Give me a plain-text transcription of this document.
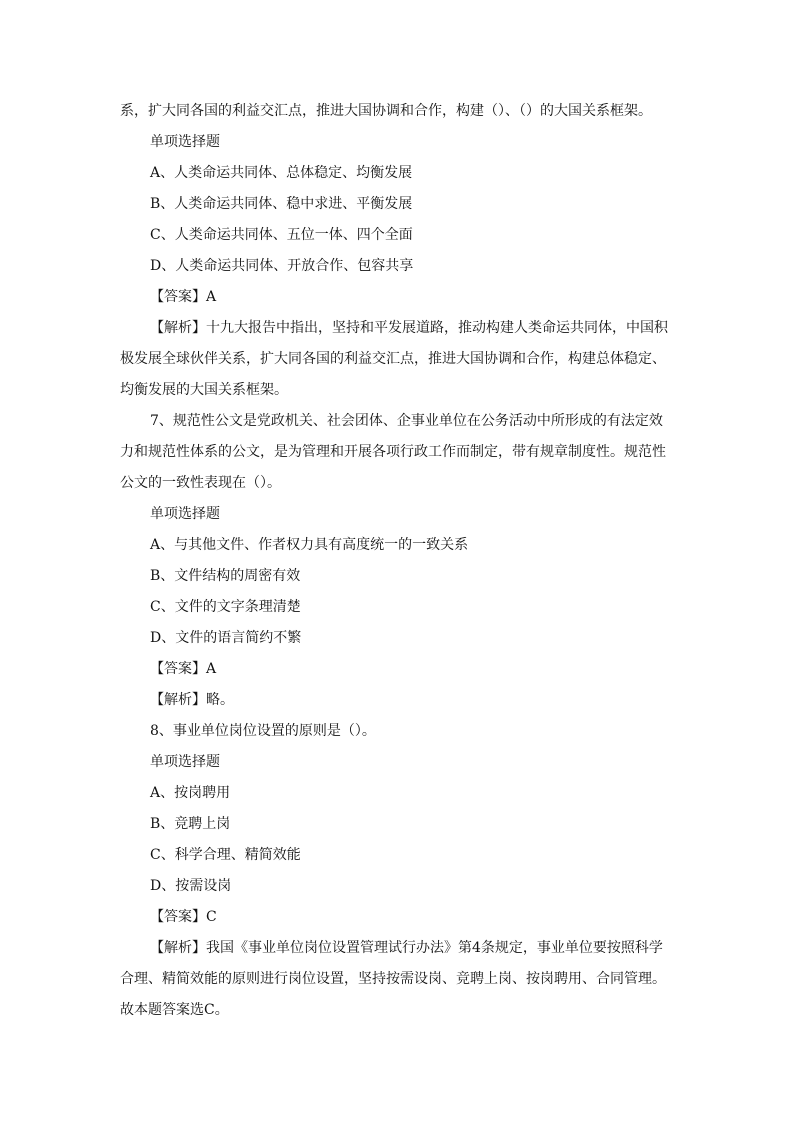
系，扩大同各国的利益交汇点，推进大国协调和合作，构建（）、（）的大国关系框架。
单项选择题
A、人类命运共同体、总体稳定、均衡发展
B、人类命运共同体、稳中求进、平衡发展
C、人类命运共同体、五位一体、四个全面
D、人类命运共同体、开放合作、包容共享
【答案】A
【解析】十九大报告中指出，坚持和平发展道路，推动构建人类命运共同体，中国积
极发展全球伙伴关系，扩大同各国的利益交汇点，推进大国协调和合作，构建总体稳定、
均衡发展的大国关系框架。
7、规范性公文是党政机关、社会团体、企事业单位在公务活动中所形成的有法定效
力和规范性体系的公文，是为管理和开展各项行政工作而制定，带有规章制度性。规范性
公文的一致性表现在（）。
单项选择题
A、与其他文件、作者权力具有高度统一的一致关系
B、文件结构的周密有效
C、文件的文字条理清楚
D、文件的语言简约不繁
【答案】A
【解析】略。
8、事业单位岗位设置的原则是（）。
单项选择题
A、按岗聘用
B、竞聘上岗
C、科学合理、精简效能
D、按需设岗
【答案】C
【解析】我国《事业单位岗位设置管理试行办法》第4条规定，事业单位要按照科学
合理、精简效能的原则进行岗位设置，坚持按需设岗、竞聘上岗、按岗聘用、合同管理。
故本题答案选C。
